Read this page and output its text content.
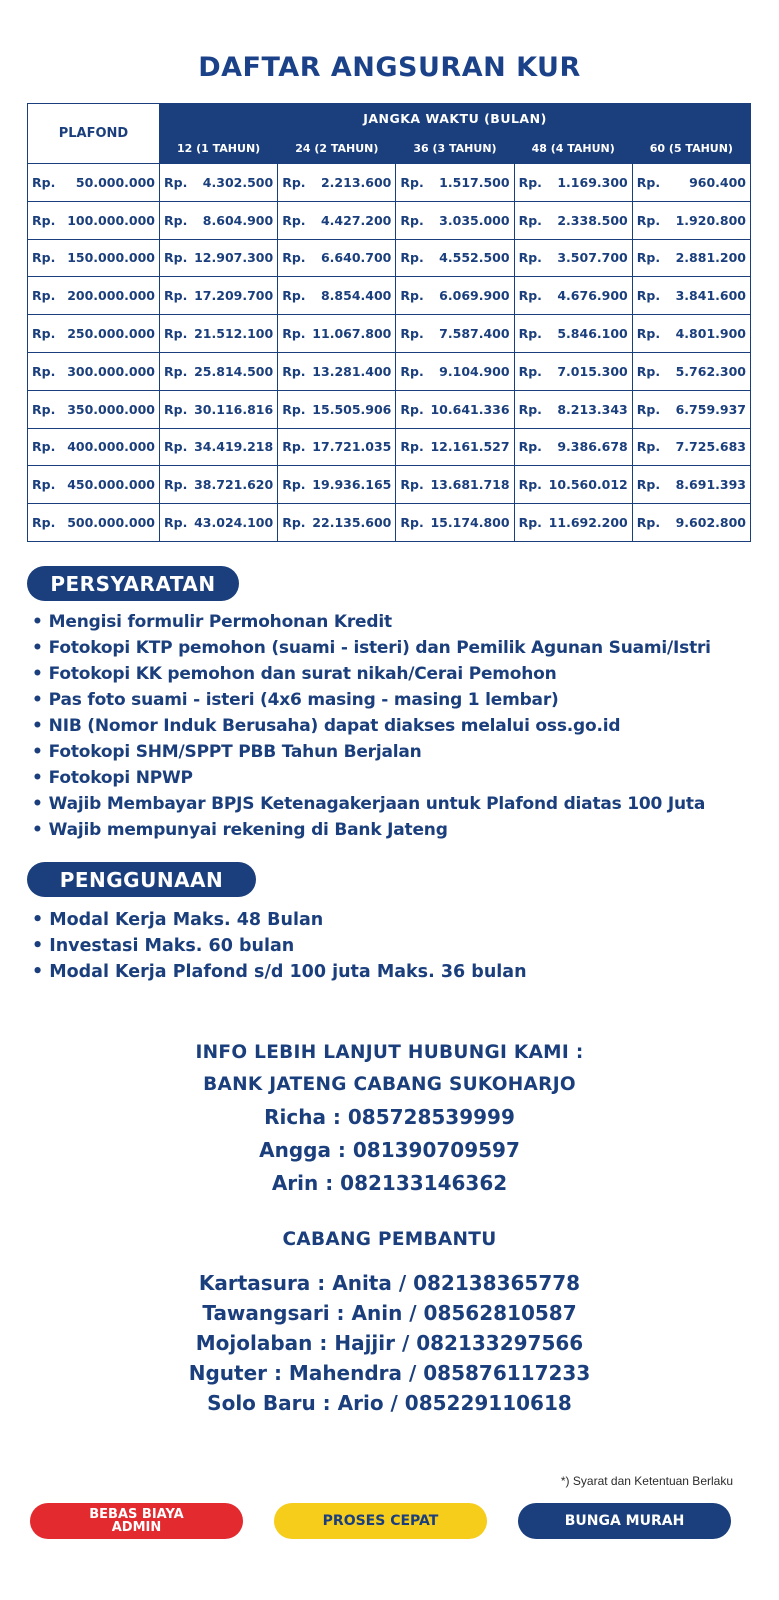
DAFTAR ANGSURAN KUR
PLAFOND	JANGKA WAKTU (BULAN)				
	12 (1 TAHUN)	24 (2 TAHUN)	36 (3 TAHUN)	48 (4 TAHUN)	60 (5 TAHUN)

Rp. 50.000.000	Rp. 4.302.500	Rp. 2.213.600	Rp. 1.517.500	Rp. 1.169.300	Rp. 960.400

Rp. 100.000.000	Rp. 8.604.900	Rp. 4.427.200	Rp. 3.035.000	Rp. 2.338.500	Rp. 1.920.800

Rp. 150.000.000	Rp. 12.907.300	Rp. 6.640.700	Rp. 4.552.500	Rp. 3.507.700	Rp. 2.881.200

Rp. 200.000.000	Rp. 17.209.700	Rp. 8.854.400	Rp. 6.069.900	Rp. 4.676.900	Rp. 3.841.600

Rp. 250.000.000	Rp. 21.512.100	Rp. 11.067.800	Rp. 7.587.400	Rp. 5.846.100	Rp. 4.801.900

Rp. 300.000.000	Rp. 25.814.500	Rp. 13.281.400	Rp. 9.104.900	Rp. 7.015.300	Rp. 5.762.300

Rp. 350.000.000	Rp. 30.116.816	Rp. 15.505.906	Rp. 10.641.336	Rp. 8.213.343	Rp. 6.759.937

Rp. 400.000.000	Rp. 34.419.218	Rp. 17.721.035	Rp. 12.161.527	Rp. 9.386.678	Rp. 7.725.683

Rp. 450.000.000	Rp. 38.721.620	Rp. 19.936.165	Rp. 13.681.718	Rp. 10.560.012	Rp. 8.691.393

Rp. 500.000.000	Rp. 43.024.100	Rp. 22.135.600	Rp. 15.174.800	Rp. 11.692.200	Rp. 9.602.800
PERSYARATAN
• Mengisi formulir Permohonan Kredit
• Fotokopi KTP pemohon (suami - isteri) dan Pemilik Agunan Suami/Istri
• Fotokopi KK pemohon dan surat nikah/Cerai Pemohon
• Pas foto suami - isteri (4x6 masing - masing 1 lembar)
• NIB (Nomor Induk Berusaha) dapat diakses melalui oss.go.id
• Fotokopi SHM/SPPT PBB Tahun Berjalan
• Fotokopi NPWP
• Wajib Membayar BPJS Ketenagakerjaan untuk Plafond diatas 100 Juta
• Wajib mempunyai rekening di Bank Jateng
PENGGUNAAN
• Modal Kerja Maks. 48 Bulan
• Investasi Maks. 60 bulan
• Modal Kerja Plafond s/d 100 juta Maks. 36 bulan
INFO LEBIH LANJUT HUBUNGI KAMI :
BANK JATENG CABANG SUKOHARJO
Richa : 085728539999
Angga : 081390709597
Arin : 082133146362
CABANG PEMBANTU
Kartasura : Anita / 082138365778
Tawangsari : Anin / 08562810587
Mojolaban : Hajjir / 082133297566
Nguter : Mahendra / 085876117233
Solo Baru : Ario / 085229110618
*) Syarat dan Ketentuan Berlaku
BEBAS BIAYA ADMIN	PROSES CEPAT	BUNGA MURAH
